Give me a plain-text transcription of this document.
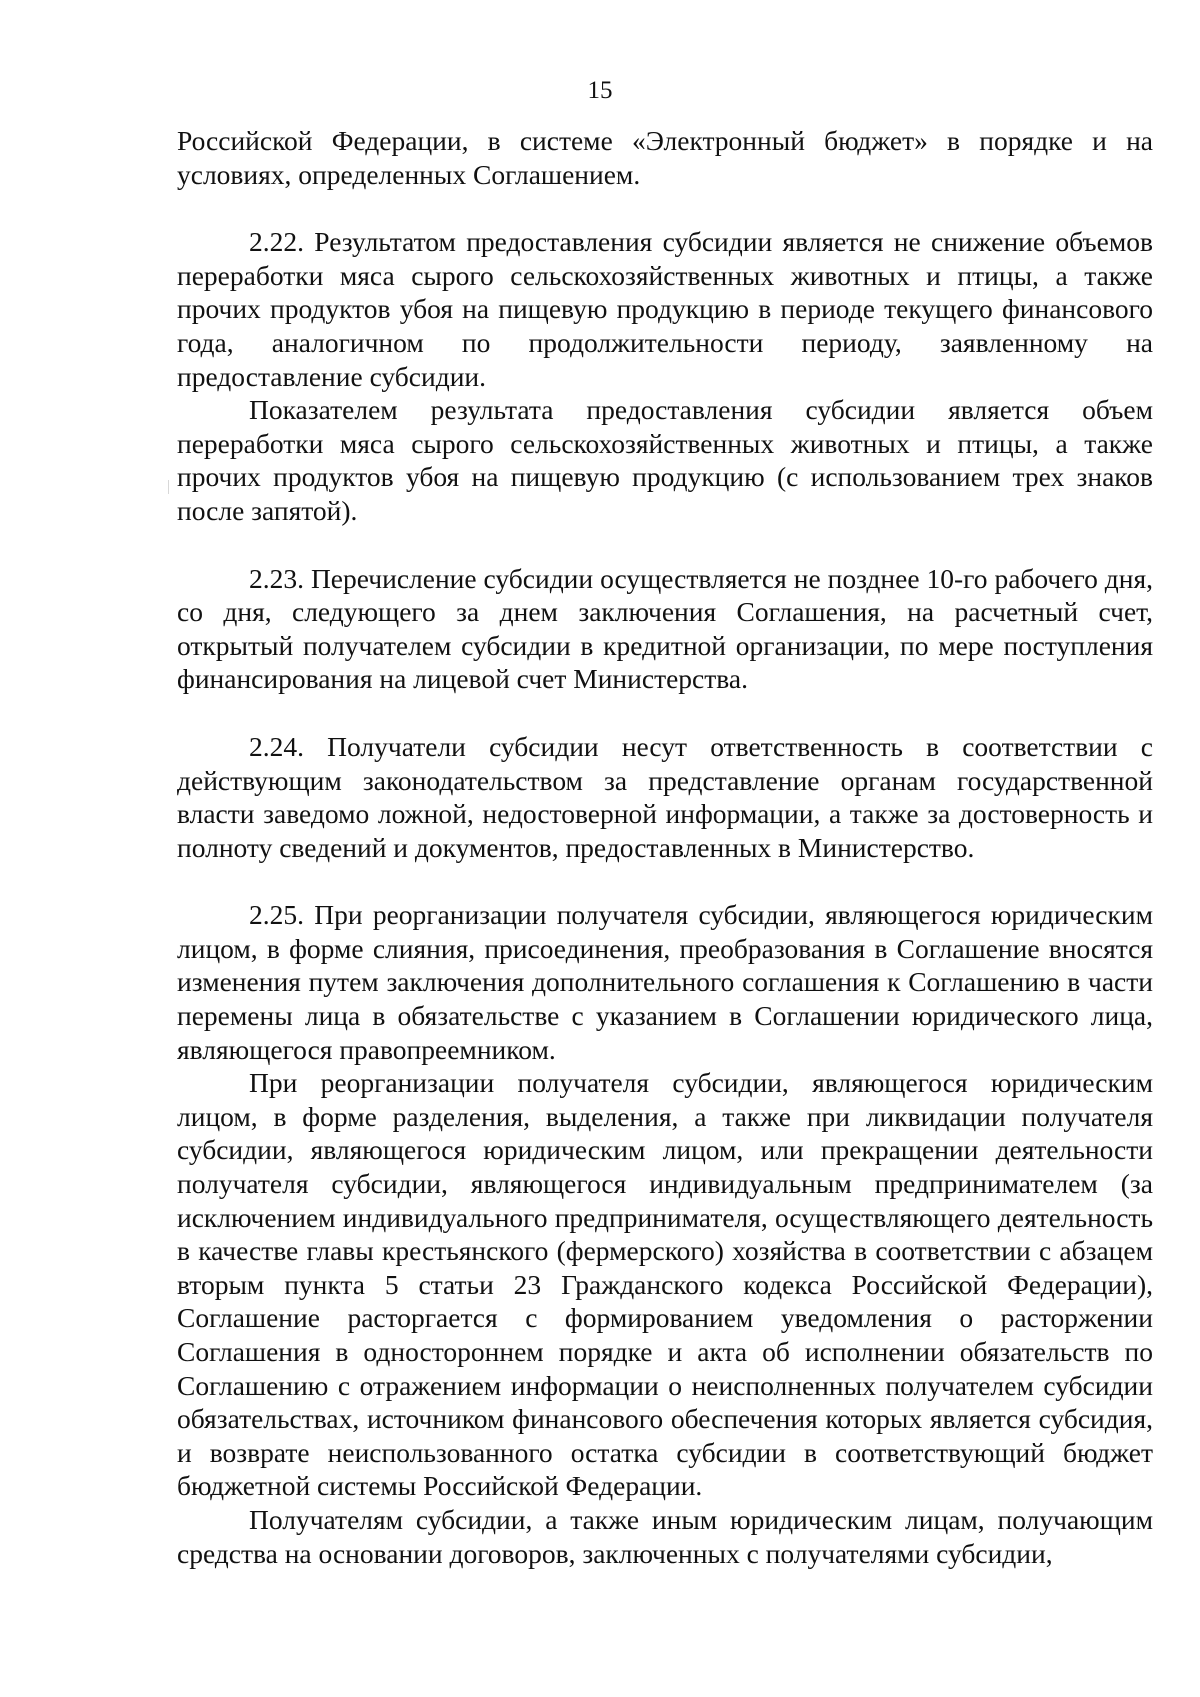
15

Российской Федерации, в системе «Электронный бюджет» в порядке и на условиях, определенных Соглашением.

2.22. Результатом предоставления субсидии является не снижение объемов переработки мяса сырого сельскохозяйственных животных и птицы, а также прочих продуктов убоя на пищевую продукцию в периоде текущего финансового года, аналогичном по продолжительности периоду, заявленному на предоставление субсидии.

Показателем результата предоставления субсидии является объем переработки мяса сырого сельскохозяйственных животных и птицы, а также прочих продуктов убоя на пищевую продукцию (с использованием трех знаков после запятой).

2.23. Перечисление субсидии осуществляется не позднее 10-го рабочего дня, со дня, следующего за днем заключения Соглашения, на расчетный счет, открытый получателем субсидии в кредитной организации, по мере поступления финансирования на лицевой счет Министерства.

2.24. Получатели субсидии несут ответственность в соответствии с действующим законодательством за представление органам государственной власти заведомо ложной, недостоверной информации, а также за достоверность и полноту сведений и документов, предоставленных в Министерство.

2.25. При реорганизации получателя субсидии, являющегося юридическим лицом, в форме слияния, присоединения, преобразования в Соглашение вносятся изменения путем заключения дополнительного соглашения к Соглашению в части перемены лица в обязательстве с указанием в Соглашении юридического лица, являющегося правопреемником.

При реорганизации получателя субсидии, являющегося юридическим лицом, в форме разделения, выделения, а также при ликвидации получателя субсидии, являющегося юридическим лицом, или прекращении деятельности получателя субсидии, являющегося индивидуальным предпринимателем (за исключением индивидуального предпринимателя, осуществляющего деятельность в качестве главы крестьянского (фермерского) хозяйства в соответствии с абзацем вторым пункта 5 статьи 23 Гражданского кодекса Российской Федерации), Соглашение расторгается с формированием уведомления о расторжении Соглашения в одностороннем порядке и акта об исполнении обязательств по Соглашению с отражением информации о неисполненных получателем субсидии обязательствах, источником финансового обеспечения которых является субсидия, и возврате неиспользованного остатка субсидии в соответствующий бюджет бюджетной системы Российской Федерации.

Получателям субсидии, а также иным юридическим лицам, получающим средства на основании договоров, заключенных с получателями субсидии,
